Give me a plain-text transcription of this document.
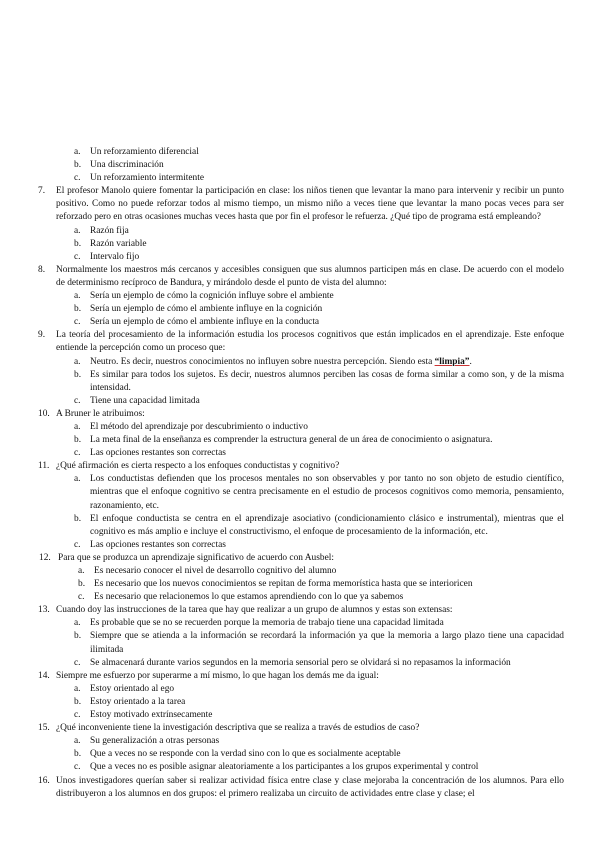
a. Un reforzamiento diferencial
b. Una discriminación
c. Un reforzamiento intermitente
7. El profesor Manolo quiere fomentar la participación en clase: los niños tienen que levantar la mano para intervenir y recibir un punto positivo. Como no puede reforzar todos al mismo tiempo, un mismo niño a veces tiene que levantar la mano pocas veces para ser reforzado pero en otras ocasiones muchas veces hasta que por fin el profesor le refuerza. ¿Qué tipo de programa está empleando?
a. Razón fija
b. Razón variable
c. Intervalo fijo
8. Normalmente los maestros más cercanos y accesibles consiguen que sus alumnos participen más en clase. De acuerdo con el modelo de determinismo recíproco de Bandura, y mirándolo desde el punto de vista del alumno:
a. Sería un ejemplo de cómo la cognición influye sobre el ambiente
b. Sería un ejemplo de cómo el ambiente influye en la cognición
c. Sería un ejemplo de cómo el ambiente influye en la conducta
9. La teoría del procesamiento de la información estudia los procesos cognitivos que están implicados en el aprendizaje. Este enfoque entiende la percepción como un proceso que:
a. Neutro. Es decir, nuestros conocimientos no influyen sobre nuestra percepción. Siendo esta “limpia”.
b. Es similar para todos los sujetos. Es decir, nuestros alumnos perciben las cosas de forma similar a como son, y de la misma intensidad.
c. Tiene una capacidad limitada
10. A Bruner le atribuimos:
a. El método del aprendizaje por descubrimiento o inductivo
b. La meta final de la enseñanza es comprender la estructura general de un área de conocimiento o asignatura.
c. Las opciones restantes son correctas
11. ¿Qué afirmación es cierta respecto a los enfoques conductistas y cognitivo?
a. Los conductistas defienden que los procesos mentales no son observables y por tanto no son objeto de estudio científico, mientras que el enfoque cognitivo se centra precisamente en el estudio de procesos cognitivos como memoria, pensamiento, razonamiento, etc.
b. El enfoque conductista se centra en el aprendizaje asociativo (condicionamiento clásico e instrumental), mientras que el cognitivo es más amplio e incluye el constructivismo, el enfoque de procesamiento de la información, etc.
c. Las opciones restantes son correctas
12. Para que se produzca un aprendizaje significativo de acuerdo con Ausbel:
a. Es necesario conocer el nivel de desarrollo cognitivo del alumno
b. Es necesario que los nuevos conocimientos se repitan de forma memorística hasta que se interioricen
c. Es necesario que relacionemos lo que estamos aprendiendo con lo que ya sabemos
13. Cuando doy las instrucciones de la tarea que hay que realizar a un grupo de alumnos y estas son extensas:
a. Es probable que se no se recuerden porque la memoria de trabajo tiene una capacidad limitada
b. Siempre que se atienda a la información se recordará la información ya que la memoria a largo plazo tiene una capacidad ilimitada
c. Se almacenará durante varios segundos en la memoria sensorial pero se olvidará si no repasamos la información
14. Siempre me esfuerzo por superarme a mí mismo, lo que hagan los demás me da igual:
a. Estoy orientado al ego
b. Estoy orientado a la tarea
c. Estoy motivado extrínsecamente
15. ¿Qué inconveniente tiene la investigación descriptiva que se realiza a través de estudios de caso?
a. Su generalización a otras personas
b. Que a veces no se responde con la verdad sino con lo que es socialmente aceptable
c. Que a veces no es posible asignar aleatoriamente a los participantes a los grupos experimental y control
16. Unos investigadores querían saber si realizar actividad física entre clase y clase mejoraba la concentración de los alumnos. Para ello distribuyeron a los alumnos en dos grupos: el primero realizaba un circuito de actividades entre clase y clase; el
